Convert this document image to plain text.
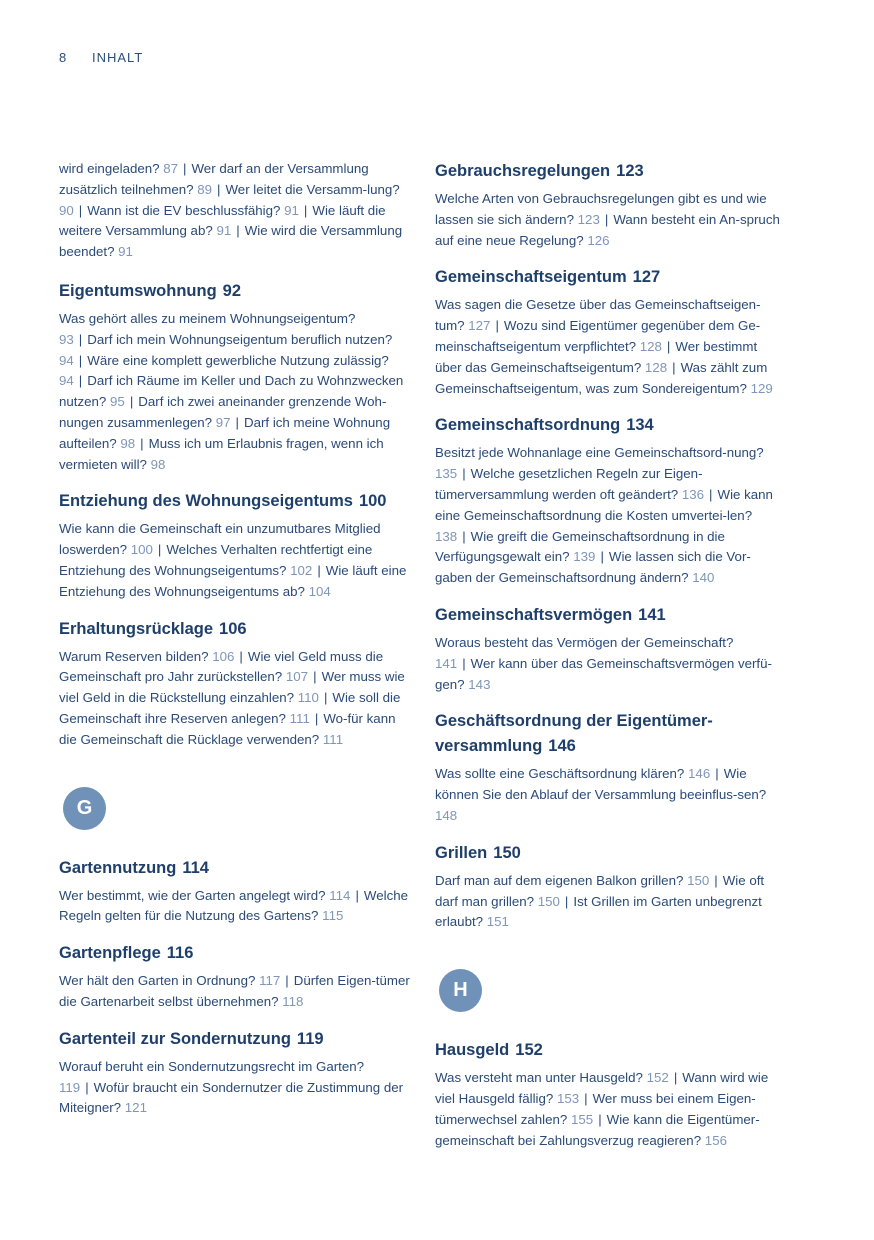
8 INHALT

wird eingeladen? 87 | Wer darf an der Versammlung zusätzlich teilnehmen? 89 | Wer leitet die Versamm-lung? 90 | Wann ist die EV beschlussfähig? 91 | Wie läuft die weitere Versammlung ab? 91 | Wie wird die Versammlung beendet? 91

Eigentumswohnung 92

Was gehört alles zu meinem Wohnungseigentum? 93 | Darf ich mein Wohnungseigentum beruflich nutzen? 94 | Wäre eine komplett gewerbliche Nutzung zulässig? 94 | Darf ich Räume im Keller und Dach zu Wohnzwecken nutzen? 95 | Darf ich zwei aneinander grenzende Woh-nungen zusammenlegen? 97 | Darf ich meine Wohnung aufteilen? 98 | Muss ich um Erlaubnis fragen, wenn ich vermieten will? 98

Entziehung des Wohnungseigentums 100

Wie kann die Gemeinschaft ein unzumutbares Mitglied loswerden? 100 | Welches Verhalten rechtfertigt eine Entziehung des Wohnungseigentums? 102 | Wie läuft eine Entziehung des Wohnungseigentums ab? 104

Erhaltungsrücklage 106

Warum Reserven bilden? 106 | Wie viel Geld muss die Gemeinschaft pro Jahr zurückstellen? 107 | Wer muss wie viel Geld in die Rückstellung einzahlen? 110 | Wie soll die Gemeinschaft ihre Reserven anlegen? 111 | Wo-für kann die Gemeinschaft die Rücklage verwenden? 111

G
Gartennutzung 114

Wer bestimmt, wie der Garten angelegt wird? 114 | Welche Regeln gelten für die Nutzung des Gartens? 115

Gartenpflege 116

Wer hält den Garten in Ordnung? 117 | Dürfen Eigen-tümer die Gartenarbeit selbst übernehmen? 118

Gartenteil zur Sondernutzung 119

Worauf beruht ein Sondernutzungsrecht im Garten? 119 | Wofür braucht ein Sondernutzer die Zustimmung der Miteigner? 121

Gebrauchsregelungen 123

Welche Arten von Gebrauchsregelungen gibt es und wie lassen sie sich ändern? 123 | Wann besteht ein An-spruch auf eine neue Regelung? 126

Gemeinschaftseigentum 127

Was sagen die Gesetze über das Gemeinschaftseigen-tum? 127 | Wozu sind Eigentümer gegenüber dem Ge-meinschaftseigentum verpflichtet? 128 | Wer bestimmt über das Gemeinschaftseigentum? 128 | Was zählt zum Gemeinschaftseigentum, was zum Sondereigentum? 129

Gemeinschaftsordnung 134

Besitzt jede Wohnanlage eine Gemeinschaftsord-nung? 135 | Welche gesetzlichen Regeln zur Eigen-tümerversammlung werden oft geändert? 136 | Wie kann eine Gemeinschaftsordnung die Kosten umvertei-len? 138 | Wie greift die Gemeinschaftsordnung in die Verfügungsgewalt ein? 139 | Wie lassen sich die Vor-gaben der Gemeinschaftsordnung ändern? 140

Gemeinschaftsvermögen 141

Woraus besteht das Vermögen der Gemeinschaft? 141 | Wer kann über das Gemeinschaftsvermögen verfü-gen? 143

Geschäftsordnung der Eigentümer-versammlung 146

Was sollte eine Geschäftsordnung klären? 146 | Wie können Sie den Ablauf der Versammlung beeinflus-sen? 148

Grillen 150

Darf man auf dem eigenen Balkon grillen? 150 | Wie oft darf man grillen? 150 | Ist Grillen im Garten unbegrenzt erlaubt? 151

H
Hausgeld 152

Was versteht man unter Hausgeld? 152 | Wann wird wie viel Hausgeld fällig? 153 | Wer muss bei einem Eigen-tümerwechsel zahlen? 155 | Wie kann die Eigentümer-gemeinschaft bei Zahlungsverzug reagieren? 156
